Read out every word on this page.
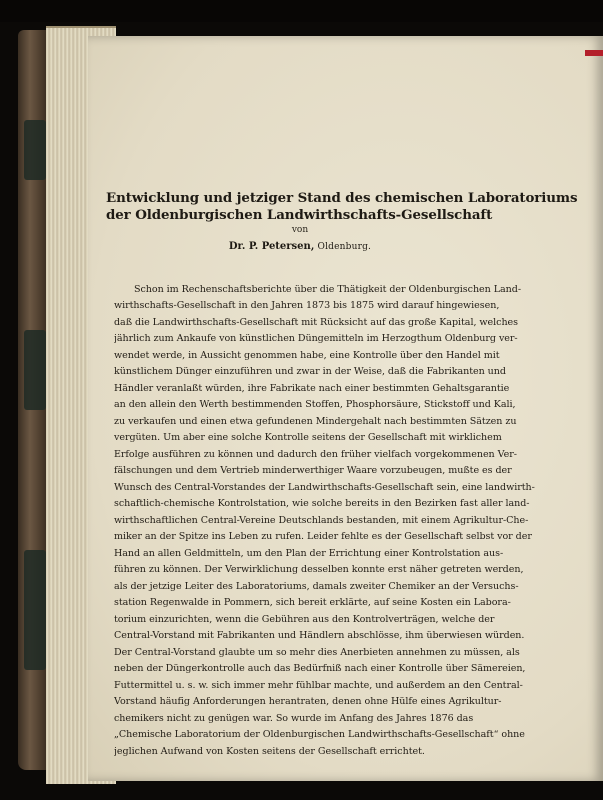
Entwicklung und jetziger Stand des chemischen Laboratoriums
der Oldenburgischen Landwirthschafts-Gesellschaft
von
Dr. P. Petersen, Oldenburg.
Schon im Rechenschaftsberichte über die Thätigkeit der Oldenburgischen Land-
wirthschafts-Gesellschaft in den Jahren 1873 bis 1875 wird darauf hingewiesen,
daß die Landwirthschafts-Gesellschaft mit Rücksicht auf das große Kapital, welches
jährlich zum Ankaufe von künstlichen Düngemitteln im Herzogthum Oldenburg ver-
wendet werde, in Aussicht genommen habe, eine Kontrolle über den Handel mit
künstlichem Dünger einzuführen und zwar in der Weise, daß die Fabrikanten und
Händler veranlaßt würden, ihre Fabrikate nach einer bestimmten Gehaltsgarantie
an den allein den Werth bestimmenden Stoffen, Phosphorsäure, Stickstoff und Kali,
zu verkaufen und einen etwa gefundenen Mindergehalt nach bestimmten Sätzen zu
vergüten. Um aber eine solche Kontrolle seitens der Gesellschaft mit wirklichem
Erfolge ausführen zu können und dadurch den früher vielfach vorgekommenen Ver-
fälschungen und dem Vertrieb minderwerthiger Waare vorzubeugen, mußte es der
Wunsch des Central-Vorstandes der Landwirthschafts-Gesellschaft sein, eine landwirth-
schaftlich-chemische Kontrolstation, wie solche bereits in den Bezirken fast aller land-
wirthschaftlichen Central-Vereine Deutschlands bestanden, mit einem Agrikultur-Che-
miker an der Spitze ins Leben zu rufen. Leider fehlte es der Gesellschaft selbst vor der
Hand an allen Geldmitteln, um den Plan der Errichtung einer Kontrolstation aus-
führen zu können. Der Verwirklichung desselben konnte erst näher getreten werden,
als der jetzige Leiter des Laboratoriums, damals zweiter Chemiker an der Versuchs-
station Regenwalde in Pommern, sich bereit erklärte, auf seine Kosten ein Labora-
torium einzurichten, wenn die Gebühren aus den Kontrolverträgen, welche der
Central-Vorstand mit Fabrikanten und Händlern abschlösse, ihm überwiesen würden.
Der Central-Vorstand glaubte um so mehr dies Anerbieten annehmen zu müssen, als
neben der Düngerkontrolle auch das Bedürfniß nach einer Kontrolle über Sämereien,
Futtermittel u. s. w. sich immer mehr fühlbar machte, und außerdem an den Central-
Vorstand häufig Anforderungen herantraten, denen ohne Hülfe eines Agrikultur-
chemikers nicht zu genügen war. So wurde im Anfang des Jahres 1876 das
„Chemische Laboratorium der Oldenburgischen Landwirthschafts-Gesellschaft“ ohne
jeglichen Aufwand von Kosten seitens der Gesellschaft errichtet.
